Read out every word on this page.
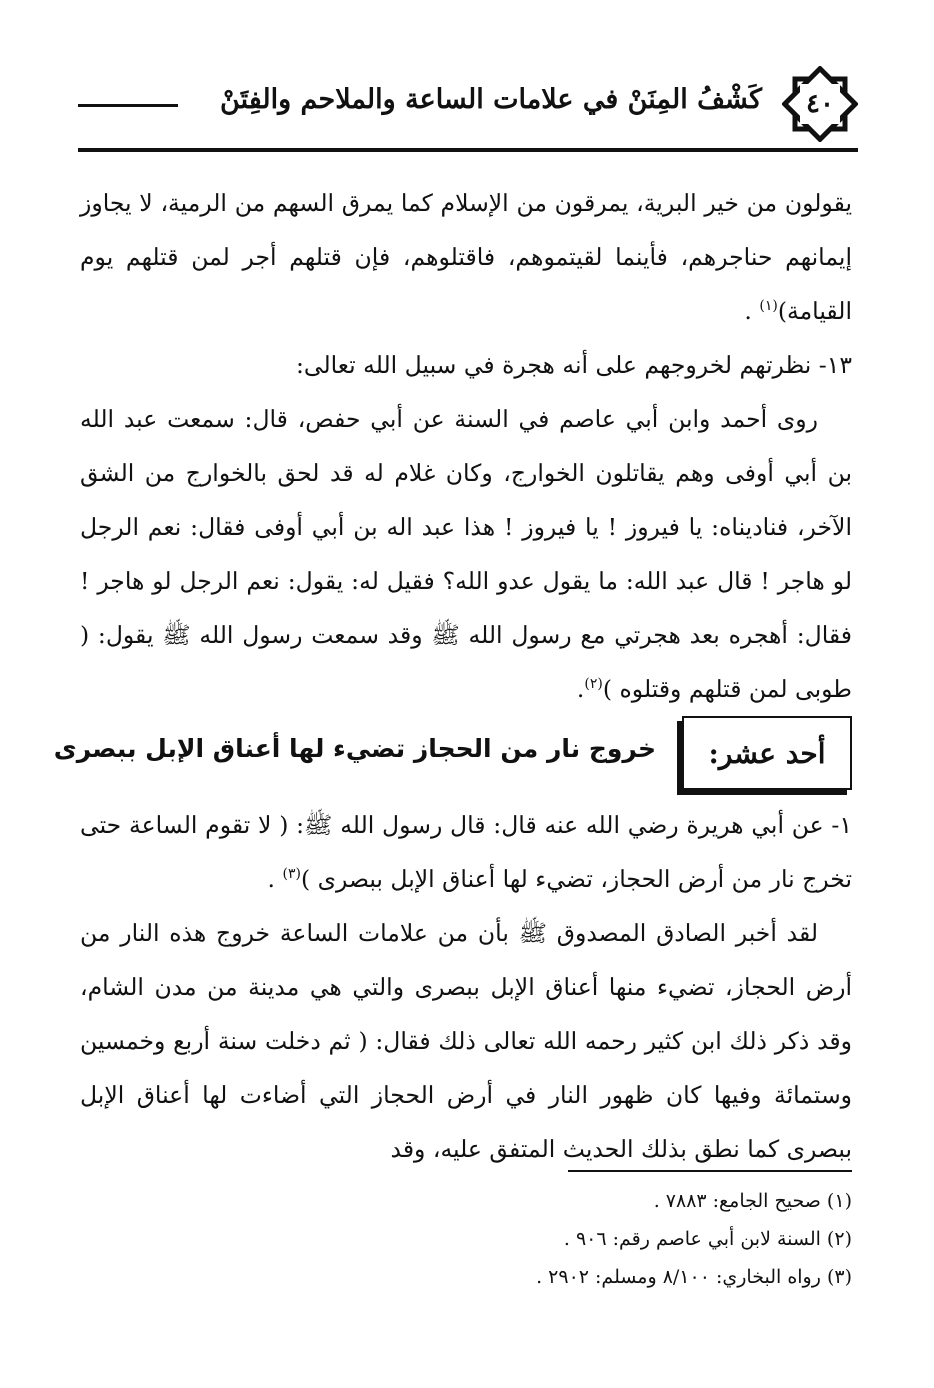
٤٠
كَشْفُ المِنَنْ في علامات الساعة والملاحم والفِتَنْ

يقولون من خير البرية، يمرقون من الإسلام كما يمرق السهم من الرمية، لا يجاوز إيمانهم حناجرهم، فأينما لقيتموهم، فاقتلوهم، فإن قتلهم أجر لمن قتلهم يوم القيامة)$^{(١)}$ .

١٣- نظرتهم لخروجهم على أنه هجرة في سبيل الله تعالى:

روى أحمد وابن أبي عاصم في السنة عن أبي حفص، قال: سمعت عبد الله بن أبي أوفى وهم يقاتلون الخوارج، وكان غلام له قد لحق بالخوارج من الشق الآخر، فناديناه: يا فيروز ! يا فيروز ! هذا عبد اله بن أبي أوفى فقال: نعم الرجل لو هاجر ! قال عبد الله: ما يقول عدو الله؟ فقيل له: يقول: نعم الرجل لو هاجر ! فقال: أهجره بعد هجرتي مع رسول الله ﷺ وقد سمعت رسول الله ﷺ يقول: ( طوبى لمن قتلهم وقتلوه )$^{(٢)}$.

أحد عشر:
خروج نار من الحجاز تضيء لها أعناق الإبل ببصرى

١- عن أبي هريرة رضي الله عنه قال: قال رسول الله ﷺ: ( لا تقوم الساعة حتى تخرج نار من أرض الحجاز، تضيء لها أعناق الإبل ببصرى )$^{(٣)}$ .

لقد أخبر الصادق المصدوق ﷺ بأن من علامات الساعة خروج هذه النار من أرض الحجاز، تضيء منها أعناق الإبل ببصرى والتي هي مدينة من مدن الشام، وقد ذكر ذلك ابن كثير رحمه الله تعالى ذلك فقال: ( ثم دخلت سنة أربع وخمسين وستمائة وفيها كان ظهور النار في أرض الحجاز التي أضاءت لها أعناق الإبل ببصرى كما نطق بذلك الحديث المتفق عليه، وقد

(١) صحيح الجامع: ٧٨٨٣ .

(٢) السنة لابن أبي عاصم رقم: ٩٠٦ .

(٣) رواه البخاري: ٨/١٠٠ ومسلم: ٢٩٠٢ .
